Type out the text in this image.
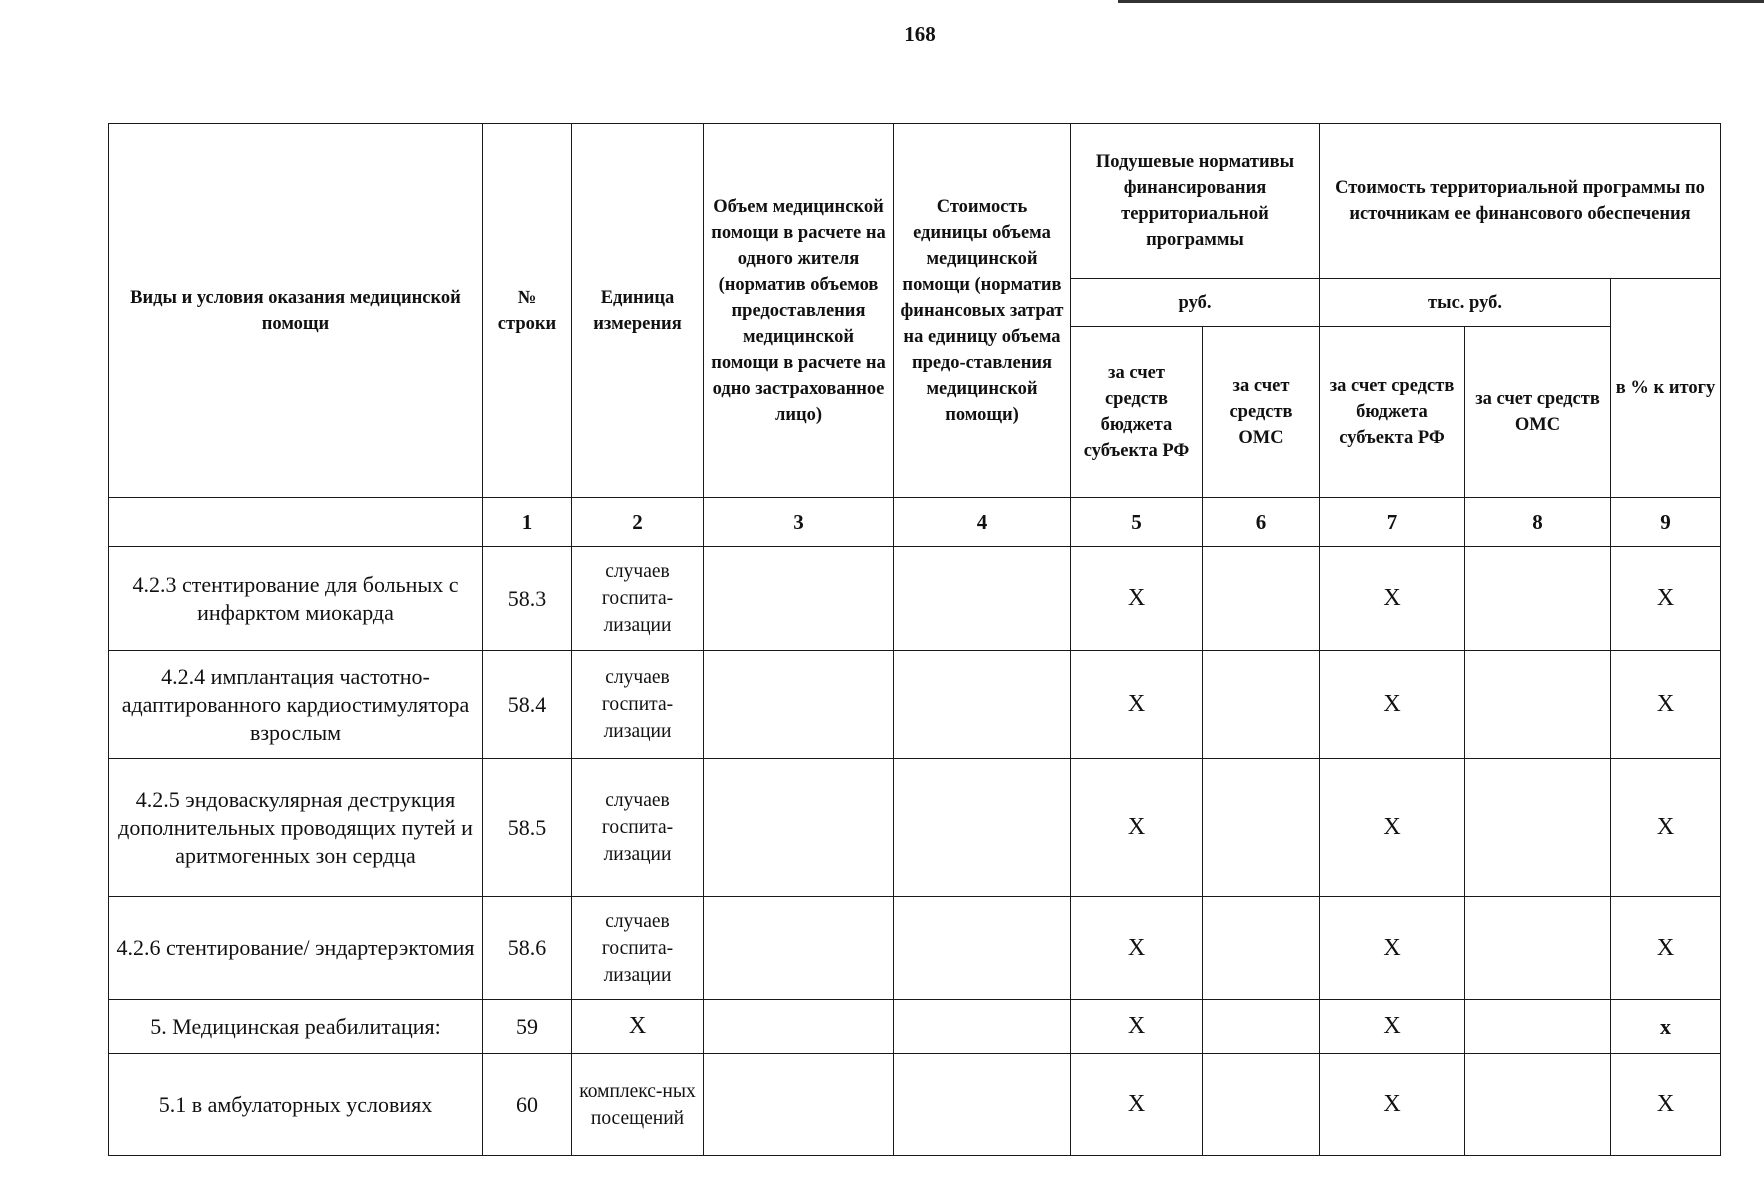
168
Виды и условия оказания медицинской помощи	№ строки	Единица измерения	Объем медицинской помощи в расчете на одного жителя (норматив объемов предоставления медицинской помощи в расчете на одно застрахованное лицо)	Стоимость единицы объема медицинской помощи (норматив финансовых затрат на единицу объема предо-ставления медицинской помощи)	Подушевые нормативы финансирования территориальной программы		Стоимость территориальной программы по источникам ее финансового обеспечения		
					руб.		тыс. руб.		в % к итогу
					за счет средств бюджета субъекта РФ	за счет средств ОМС	за счет средств бюджета субъекта РФ	за счет средств ОМС	
	1	2	3	4	5	6	7	8	9
4.2.3 стентирование для больных с инфарктом миокарда	58.3	случаев госпита-лизации			X		X		X
4.2.4 имплантация частотно-адаптированного кардиостимулятора взрослым	58.4	случаев госпита-лизации			X		X		X
4.2.5 эндоваскулярная деструкция дополнительных проводящих путей и аритмогенных зон сердца	58.5	случаев госпита-лизации			X		X		X
4.2.6 стентирование/ эндартерэктомия	58.6	случаев госпита-лизации			X		X		X
5. Медицинская реабилитация:	59	X			X		X		x
5.1 в амбулаторных условиях	60	комплекс-ных посещений			X		X		X
